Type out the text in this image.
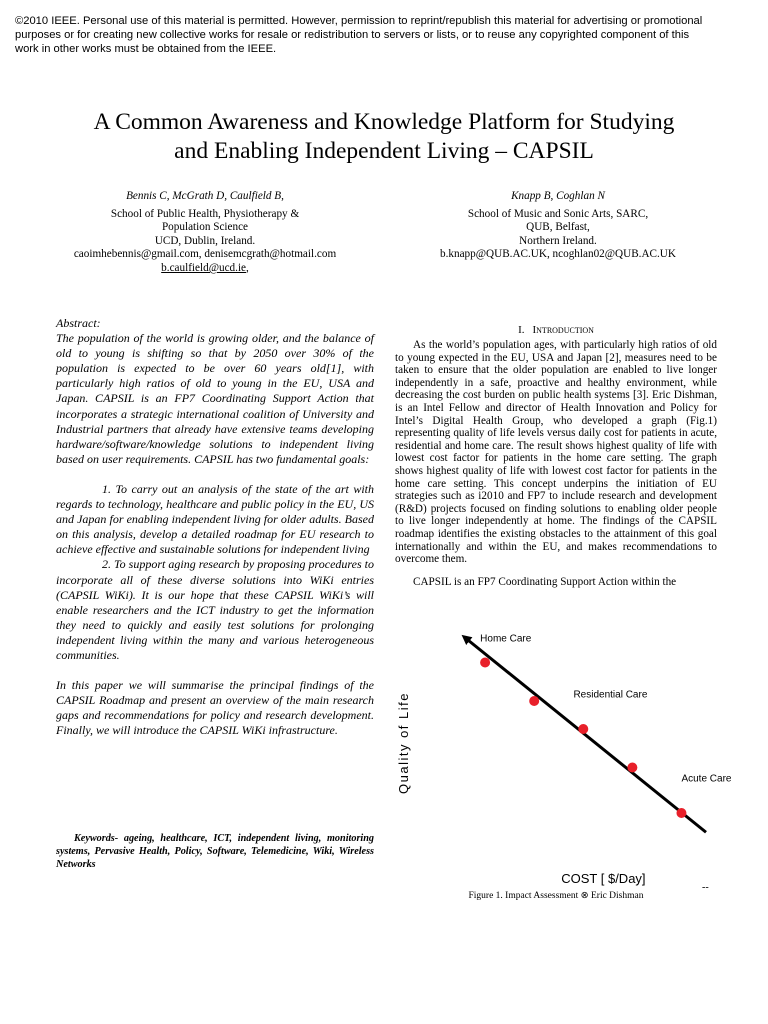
©2010 IEEE. Personal use of this material is permitted. However, permission to reprint/republish this material for advertising or promotional purposes or for creating new collective works for resale or redistribution to servers or lists, or to reuse any copyrighted component of this work in other works must be obtained from the IEEE.
A Common Awareness and Knowledge Platform for Studying
and Enabling Independent Living – CAPSIL
Bennis C, McGrath D, Caulfield B,
School of Public Health, Physiotherapy &
Population Science
UCD, Dublin, Ireland.
caoimhebennis@gmail.com, denisemcgrath@hotmail.com
b.caulfield@ucd.ie,
Knapp B, Coghlan N
School of Music and Sonic Arts, SARC,
QUB, Belfast,
Northern Ireland.
b.knapp@QUB.AC.UK, ncoghlan02@QUB.AC.UK

Abstract:

The population of the world is growing older, and the balance of old to young is shifting so that by 2050 over 30% of the population is expected to be over 60 years old[1], with particularly high ratios of old to young in the EU, USA and Japan. CAPSIL is an FP7 Coordinating Support Action that incorporates a strategic international coalition of University and Industrial partners that already have extensive teams developing hardware/software/knowledge solutions to independent living based on user requirements. CAPSIL has two fundamental goals:

1. To carry out an analysis of the state of the art with regards to technology, healthcare and public policy in the EU, US and Japan for enabling independent living for older adults. Based on this analysis, develop a detailed roadmap for EU research to achieve effective and sustainable solutions for independent living

2. To support aging research by proposing procedures to incorporate all of these diverse solutions into WiKi entries (CAPSIL WiKi). It is our hope that these CAPSIL WiKi’s will enable researchers and the ICT industry to get the information they need to quickly and easily test solutions for prolonging independent living within the many and various heterogeneous communities.

In this paper we will summarise the principal findings of the CAPSIL Roadmap and present an overview of the main research gaps and recommendations for policy and research development. Finally, we will introduce the CAPSIL WiKi infrastructure.

Keywords- ageing, healthcare, ICT, independent living, monitoring systems, Pervasive Health, Policy, Software, Telemedicine, Wiki, Wireless Networks
I. Introduction

As the world’s population ages, with particularly high ratios of old to young expected in the EU, USA and Japan [2], measures need to be taken to ensure that the older population are enabled to live longer independently in a safe, proactive and healthy environment, while decreasing the cost burden on public health systems [3]. Eric Dishman, is an Intel Fellow and director of Health Innovation and Policy for Intel’s Digital Health Group, who developed a graph (Fig.1) representing quality of life levels versus daily cost for patients in acute, residential and home care. The result shows highest quality of life with lowest cost factor for patients in the home care setting. The graph shows highest quality of life with lowest cost factor for patients in the home care setting. This concept underpins the initiation of EU strategies such as i2010 and FP7 to include research and development (R&D) projects focused on finding solutions to enabling older people to live longer independently at home. The findings of the CAPSIL roadmap identifies the existing obstacles to the attainment of this goal internationally and within the EU, and makes recommendations to overcome them.

CAPSIL is an FP7 Coordinating Support Action within the

Home Care
Residential Care
Acute Care
Quality of Life
COST [ $/Day]
Figure 1. Impact Assessment ⊗ Eric Dishman
--
